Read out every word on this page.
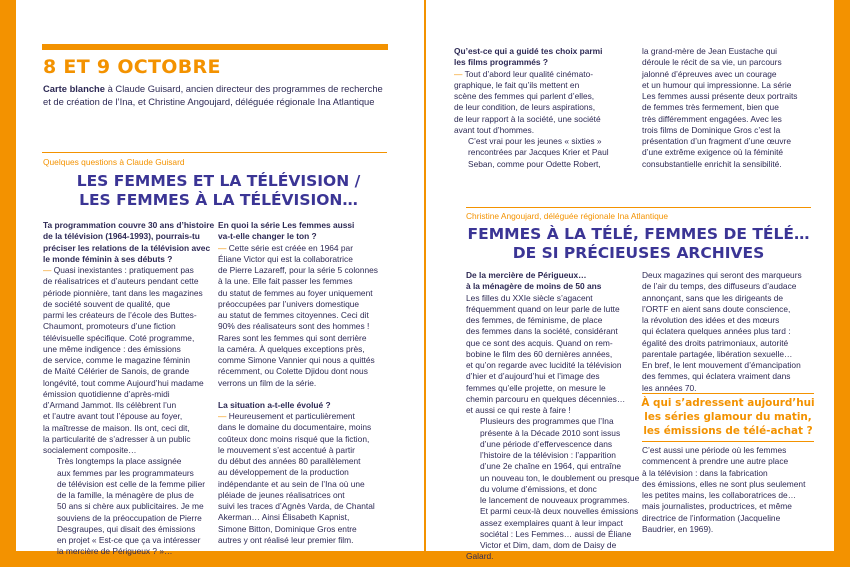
8 ET 9 OCTOBRE
Carte blanche à Claude Guisard, ancien directeur des programmes de recherche
et de création de l’Ina, et Christine Angoujard, déléguée régionale Ina Atlantique
Quelques questions à Claude Guisard
LES FEMMES ET LA TÉLÉVISION /
LES FEMMES À LA TÉLÉVISION…
Ta programmation couvre 30 ans d’histoire
de la télévision (1964-1993), pourrais-tu
préciser les relations de la télévision avec
le monde féminin à ses débuts ?
— Quasi inexistantes : pratiquement pas
de réalisatrices et d’auteurs pendant cette
période pionnière, tant dans les magazines
de société souvent de qualité, que
parmi les créateurs de l’école des Buttes-
Chaumont, promoteurs d’une fiction
télévisuelle spécifique. Coté programme,
une même indigence : des émissions
de service, comme le magazine féminin
de Maïté Célérier de Sanois, de grande
longévité, tout comme Aujourd’hui madame
émission quotidienne d’après-midi
d’Armand Jammot. Ils célèbrent l’un
et l’autre avant tout l’épouse au foyer,
la maîtresse de maison. Ils ont, ceci dit,
la particularité de s’adresser à un public
socialement composite…
Très longtemps la place assignée
aux femmes par les programmateurs
de télévision est celle de la femme pilier
de la famille, la ménagère de plus de
50 ans si chère aux publicitaires. Je me
souviens de la préoccupation de Pierre
Desgraupes, qui disait des émissions
en projet « Est-ce que ça va intéresser
la mercière de Périgueux ? »…
En quoi la série Les femmes aussi
va-t-elle changer le ton ?
— Cette série est créée en 1964 par
Éliane Victor qui est la collaboratrice
de Pierre Lazareff, pour la série 5 colonnes
à la une. Elle fait passer les femmes
du statut de femmes au foyer uniquement
préoccupées par l’univers domestique
au statut de femmes citoyennes. Ceci dit
90% des réalisateurs sont des hommes !
Rares sont les femmes qui sont derrière
la caméra. À quelques exceptions près,
comme Simone Vannier qui nous a quittés
récemment, ou Colette Djidou dont nous
verrons un film de la série.
La situation a-t-elle évolué ?
— Heureusement et particulièrement
dans le domaine du documentaire, moins
coûteux donc moins risqué que la fiction,
le mouvement s’est accentué à partir
du début des années 80 parallèlement
au développement de la production
indépendante et au sein de l’Ina où une
pléiade de jeunes réalisatrices ont
suivi les traces d’Agnès Varda, de Chantal
Akerman… Ainsi Élisabeth Kapnist,
Simone Bitton, Dominique Gros entre
autres y ont réalisé leur premier film.
Qu’est-ce qui a guidé tes choix parmi
les films programmés ?
— Tout d’abord leur qualité cinémato-
graphique, le fait qu’ils mettent en
scène des femmes qui parlent d’elles,
de leur condition, de leurs aspirations,
de leur rapport à la société, une société
avant tout d’hommes.
C’est vrai pour les jeunes « sixties »
rencontrées par Jacques Krier et Paul
Seban, comme pour Odette Robert,
la grand-mère de Jean Eustache qui
déroule le récit de sa vie, un parcours
jalonné d’épreuves avec un courage
et un humour qui impressionne. La série
Les femmes aussi présente deux portraits
de femmes très fermement, bien que
très différemment engagées. Avec les
trois films de Dominique Gros c’est la
présentation d’un fragment d’une œuvre
d’une extrême exigence où la féminité
consubstantielle enrichit la sensibilité.
Christine Angoujard, déléguée régionale Ina Atlantique
FEMMES À LA TÉLÉ, FEMMES DE TÉLÉ…
DE SI PRÉCIEUSES ARCHIVES
De la mercière de Périgueux…
à la ménagère de moins de 50 ans
Les filles du XXIe siècle s’agacent
fréquemment quand on leur parle de lutte
des femmes, de féminisme, de place
des femmes dans la société, considérant
que ce sont des acquis. Quand on rem-
bobine le film des 60 dernières années,
et qu’on regarde avec lucidité la télévision
d’hier et d’aujourd’hui et l’image des
femmes qu’elle projette, on mesure le
chemin parcouru en quelques décennies…
et aussi ce qui reste à faire !
Plusieurs des programmes que l’Ina
présente à la Décade 2010 sont issus
d’une période d’effervescence dans
l’histoire de la télévision : l’apparition
d’une 2e chaîne en 1964, qui entraîne
un nouveau ton, le doublement ou presque
du volume d’émissions, et donc
le lancement de nouveaux programmes.
Et parmi ceux-là deux nouvelles émissions
assez exemplaires quant à leur impact
sociétal : Les Femmes… aussi de Éliane
Victor et Dim, dam, dom de Daisy de Galard.
Deux magazines qui seront des marqueurs
de l’air du temps, des diffuseurs d’audace
annonçant, sans que les dirigeants de
l’ORTF en aient sans doute conscience,
la révolution des idées et des mœurs
qui éclatera quelques années plus tard :
égalité des droits patrimoniaux, autorité
parentale partagée, libération sexuelle…
En bref, le lent mouvement d’émancipation
des femmes, qui éclatera vraiment dans
les années 70.
À qui s’adressent aujourd’hui
les séries glamour du matin,
les émissions de télé-achat ?
C’est aussi une période où les femmes
commencent à prendre une autre place
à la télévision : dans la fabrication
des émissions, elles ne sont plus seulement
les petites mains, les collaboratrices de…
mais journalistes, productrices, et même
directrice de l’information (Jacqueline
Baudrier, en 1969).
